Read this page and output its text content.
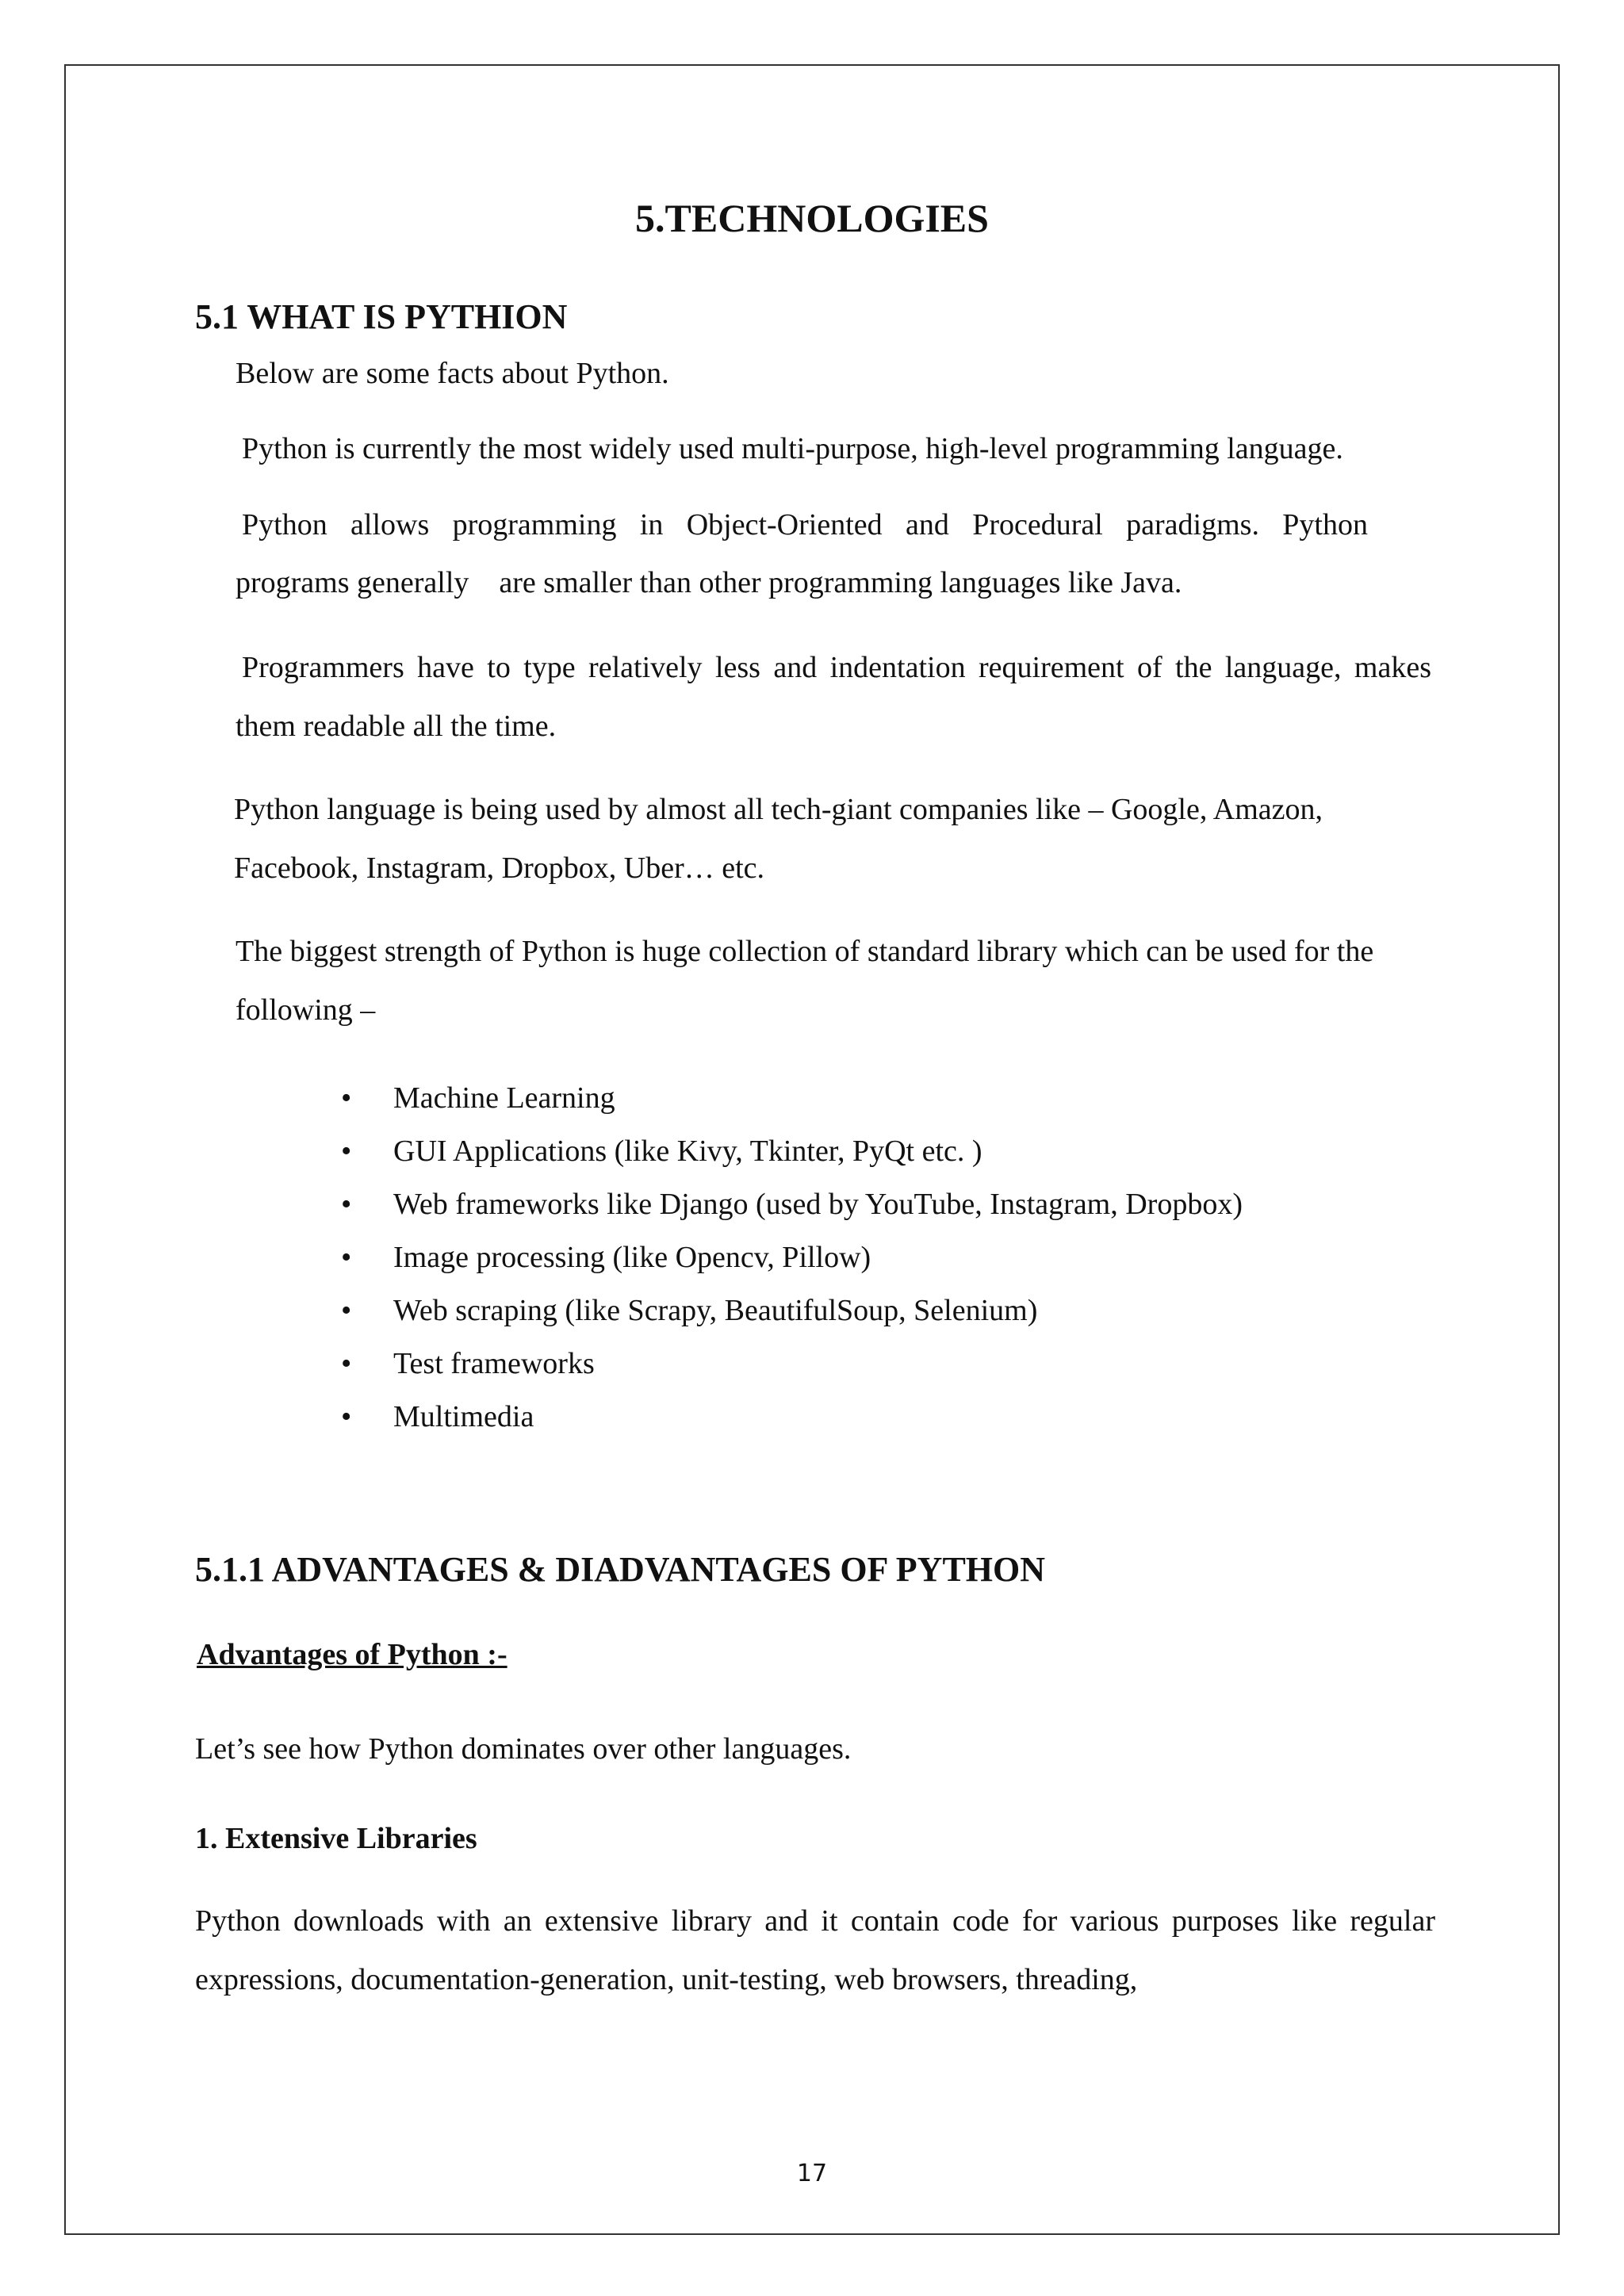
5.TECHNOLOGIES
5.1 WHAT IS PYTHION

Below are some facts about Python.

Python is currently the most widely used multi-purpose, high-level programming language.

Python allows programming in Object-Oriented and Procedural paradigms. Python

programs generally    are smaller than other programming languages like Java.

Programmers have to type relatively less and indentation requirement of the language, makes them readable all the time.

Python language is being used by almost all tech-giant companies like – Google, Amazon, Facebook, Instagram, Dropbox, Uber… etc.

The biggest strength of Python is huge collection of standard library which can be used for the following –

• Machine Learning
• GUI Applications (like Kivy, Tkinter, PyQt etc. )
• Web frameworks like Django (used by YouTube, Instagram, Dropbox)
• Image processing (like Opencv, Pillow)
• Web scraping (like Scrapy, BeautifulSoup, Selenium)
• Test frameworks
• Multimedia
5.1.1 ADVANTAGES & DIADVANTAGES OF PYTHON

Advantages of Python :-

Let’s see how Python dominates over other languages.

1. Extensive Libraries

Python downloads with an extensive library and it contain code for various purposes like regular expressions, documentation-generation, unit-testing, web browsers, threading,

17
